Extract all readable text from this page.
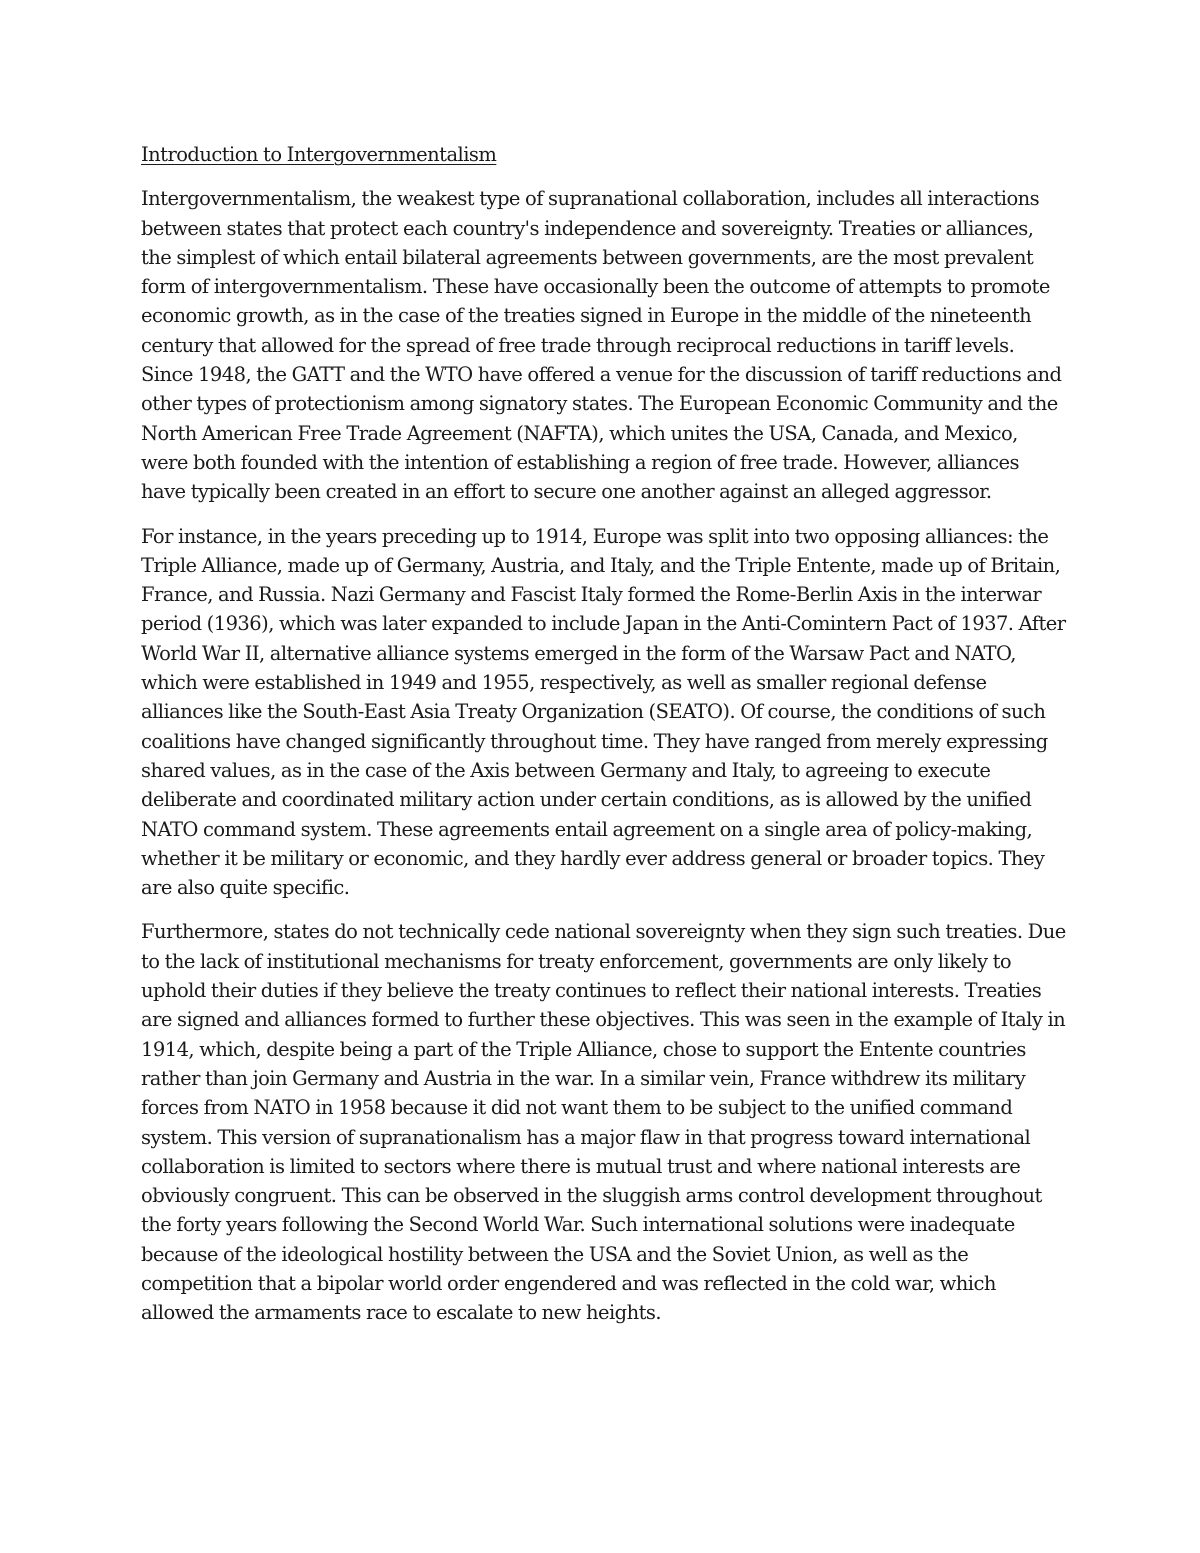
Introduction to Intergovernmentalism

Intergovernmentalism, the weakest type of supranational collaboration, includes all interactions between states that protect each country's independence and sovereignty. Treaties or alliances, the simplest of which entail bilateral agreements between governments, are the most prevalent form of intergovernmentalism. These have occasionally been the outcome of attempts to promote economic growth, as in the case of the treaties signed in Europe in the middle of the nineteenth century that allowed for the spread of free trade through reciprocal reductions in tariff levels. Since 1948, the GATT and the WTO have offered a venue for the discussion of tariff reductions and other types of protectionism among signatory states. The European Economic Community and the North American Free Trade Agreement (NAFTA), which unites the USA, Canada, and Mexico, were both founded with the intention of establishing a region of free trade. However, alliances have typically been created in an effort to secure one another against an alleged aggressor.

For instance, in the years preceding up to 1914, Europe was split into two opposing alliances: the Triple Alliance, made up of Germany, Austria, and Italy, and the Triple Entente, made up of Britain, France, and Russia. Nazi Germany and Fascist Italy formed the Rome-Berlin Axis in the interwar period (1936), which was later expanded to include Japan in the Anti-Comintern Pact of 1937. After World War II, alternative alliance systems emerged in the form of the Warsaw Pact and NATO, which were established in 1949 and 1955, respectively, as well as smaller regional defense alliances like the South-East Asia Treaty Organization (SEATO). Of course, the conditions of such coalitions have changed significantly throughout time. They have ranged from merely expressing shared values, as in the case of the Axis between Germany and Italy, to agreeing to execute deliberate and coordinated military action under certain conditions, as is allowed by the unified NATO command system. These agreements entail agreement on a single area of policy-making, whether it be military or economic, and they hardly ever address general or broader topics. They are also quite specific.

Furthermore, states do not technically cede national sovereignty when they sign such treaties. Due to the lack of institutional mechanisms for treaty enforcement, governments are only likely to uphold their duties if they believe the treaty continues to reflect their national interests. Treaties are signed and alliances formed to further these objectives. This was seen in the example of Italy in 1914, which, despite being a part of the Triple Alliance, chose to support the Entente countries rather than join Germany and Austria in the war. In a similar vein, France withdrew its military forces from NATO in 1958 because it did not want them to be subject to the unified command system. This version of supranationalism has a major flaw in that progress toward international collaboration is limited to sectors where there is mutual trust and where national interests are obviously congruent. This can be observed in the sluggish arms control development throughout the forty years following the Second World War. Such international solutions were inadequate because of the ideological hostility between the USA and the Soviet Union, as well as the competition that a bipolar world order engendered and was reflected in the cold war, which allowed the armaments race to escalate to new heights.
